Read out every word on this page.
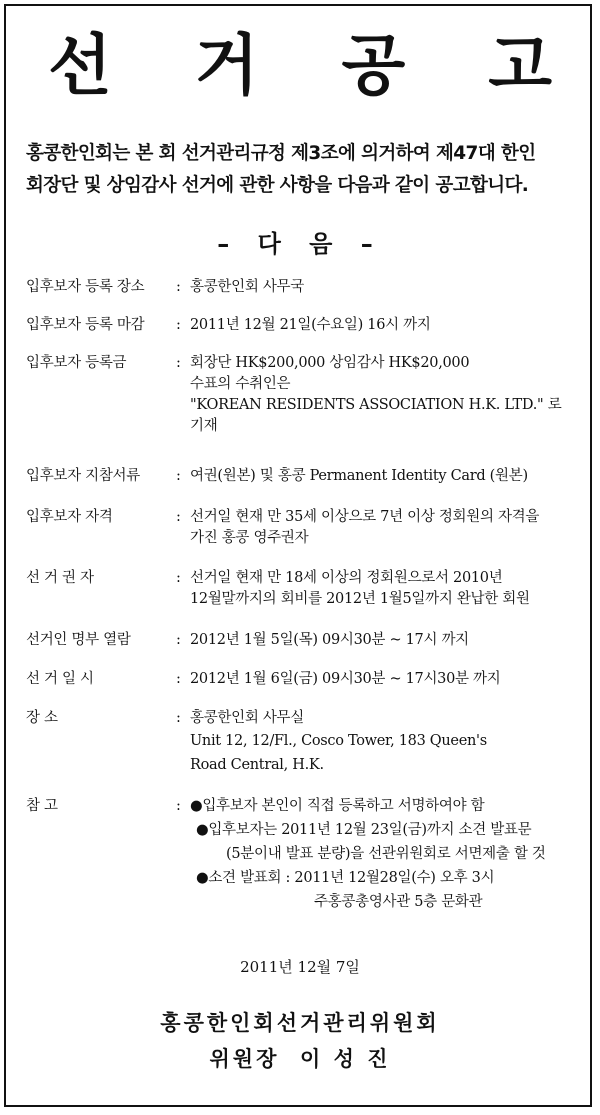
선 거 공 고
홍콩한인회는 본 회 선거관리규정 제3조에 의거하여 제47대 한인
회장단 및 상임감사 선거에 관한 사항을 다음과 같이 공고합니다.
– 다 음 –
입후보자 등록 장소	: 홍콩한인회 사무국
입후보자 등록 마감	: 2011년 12월 21일(수요일) 16시 까지
입후보자 등록금	: 회장단 HK$200,000 상임감사 HK$20,000
수표의 수취인은
"KOREAN RESIDENTS ASSOCIATION H.K. LTD." 로
기재
입후보자 지참서류	: 여권(원본) 및 홍콩 Permanent Identity Card (원본)
입후보자 자격	: 선거일 현재 만 35세 이상으로 7년 이상 정회원의 자격을
가진 홍콩 영주권자
선 거 권 자	: 선거일 현재 만 18세 이상의 정회원으로서 2010년
12월말까지의 회비를 2012년 1월5일까지 완납한 회원
선거인 명부 열람	: 2012년 1월 5일(목) 09시30분 ~ 17시 까지
선 거 일 시	: 2012년 1월 6일(금) 09시30분 ~ 17시30분 까지
장 소	: 홍콩한인회 사무실
Unit 12, 12/Fl., Cosco Tower, 183 Queen's
Road Central, H.K.
참 고	: ●입후보자 본인이 직접 등록하고 서명하여야 함
●입후보자는 2011년 12월 23일(금)까지 소견 발표문
(5분이내 발표 분량)을 선관위원회로 서면제출 할 것
●소견 발표회 : 2011년 12월28일(수) 오후 3시
주홍콩총영사관 5층 문화관
2011년 12월 7일
홍콩한인회선거관리위원회
위원장  이 성 진
